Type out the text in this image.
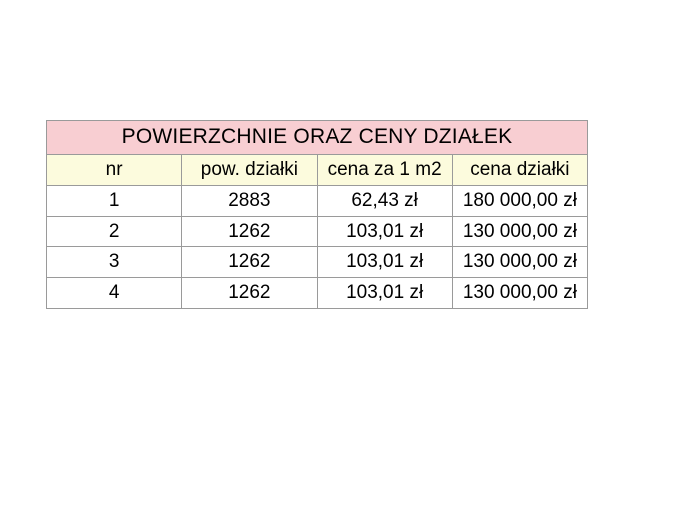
POWIERZCHNIE ORAZ CENY DZIAŁEK			
nr	pow. działki	cena za 1 m2	cena działki
1	2883	62,43 zł	180 000,00 zł
2	1262	103,01 zł	130 000,00 zł
3	1262	103,01 zł	130 000,00 zł
4	1262	103,01 zł	130 000,00 zł
